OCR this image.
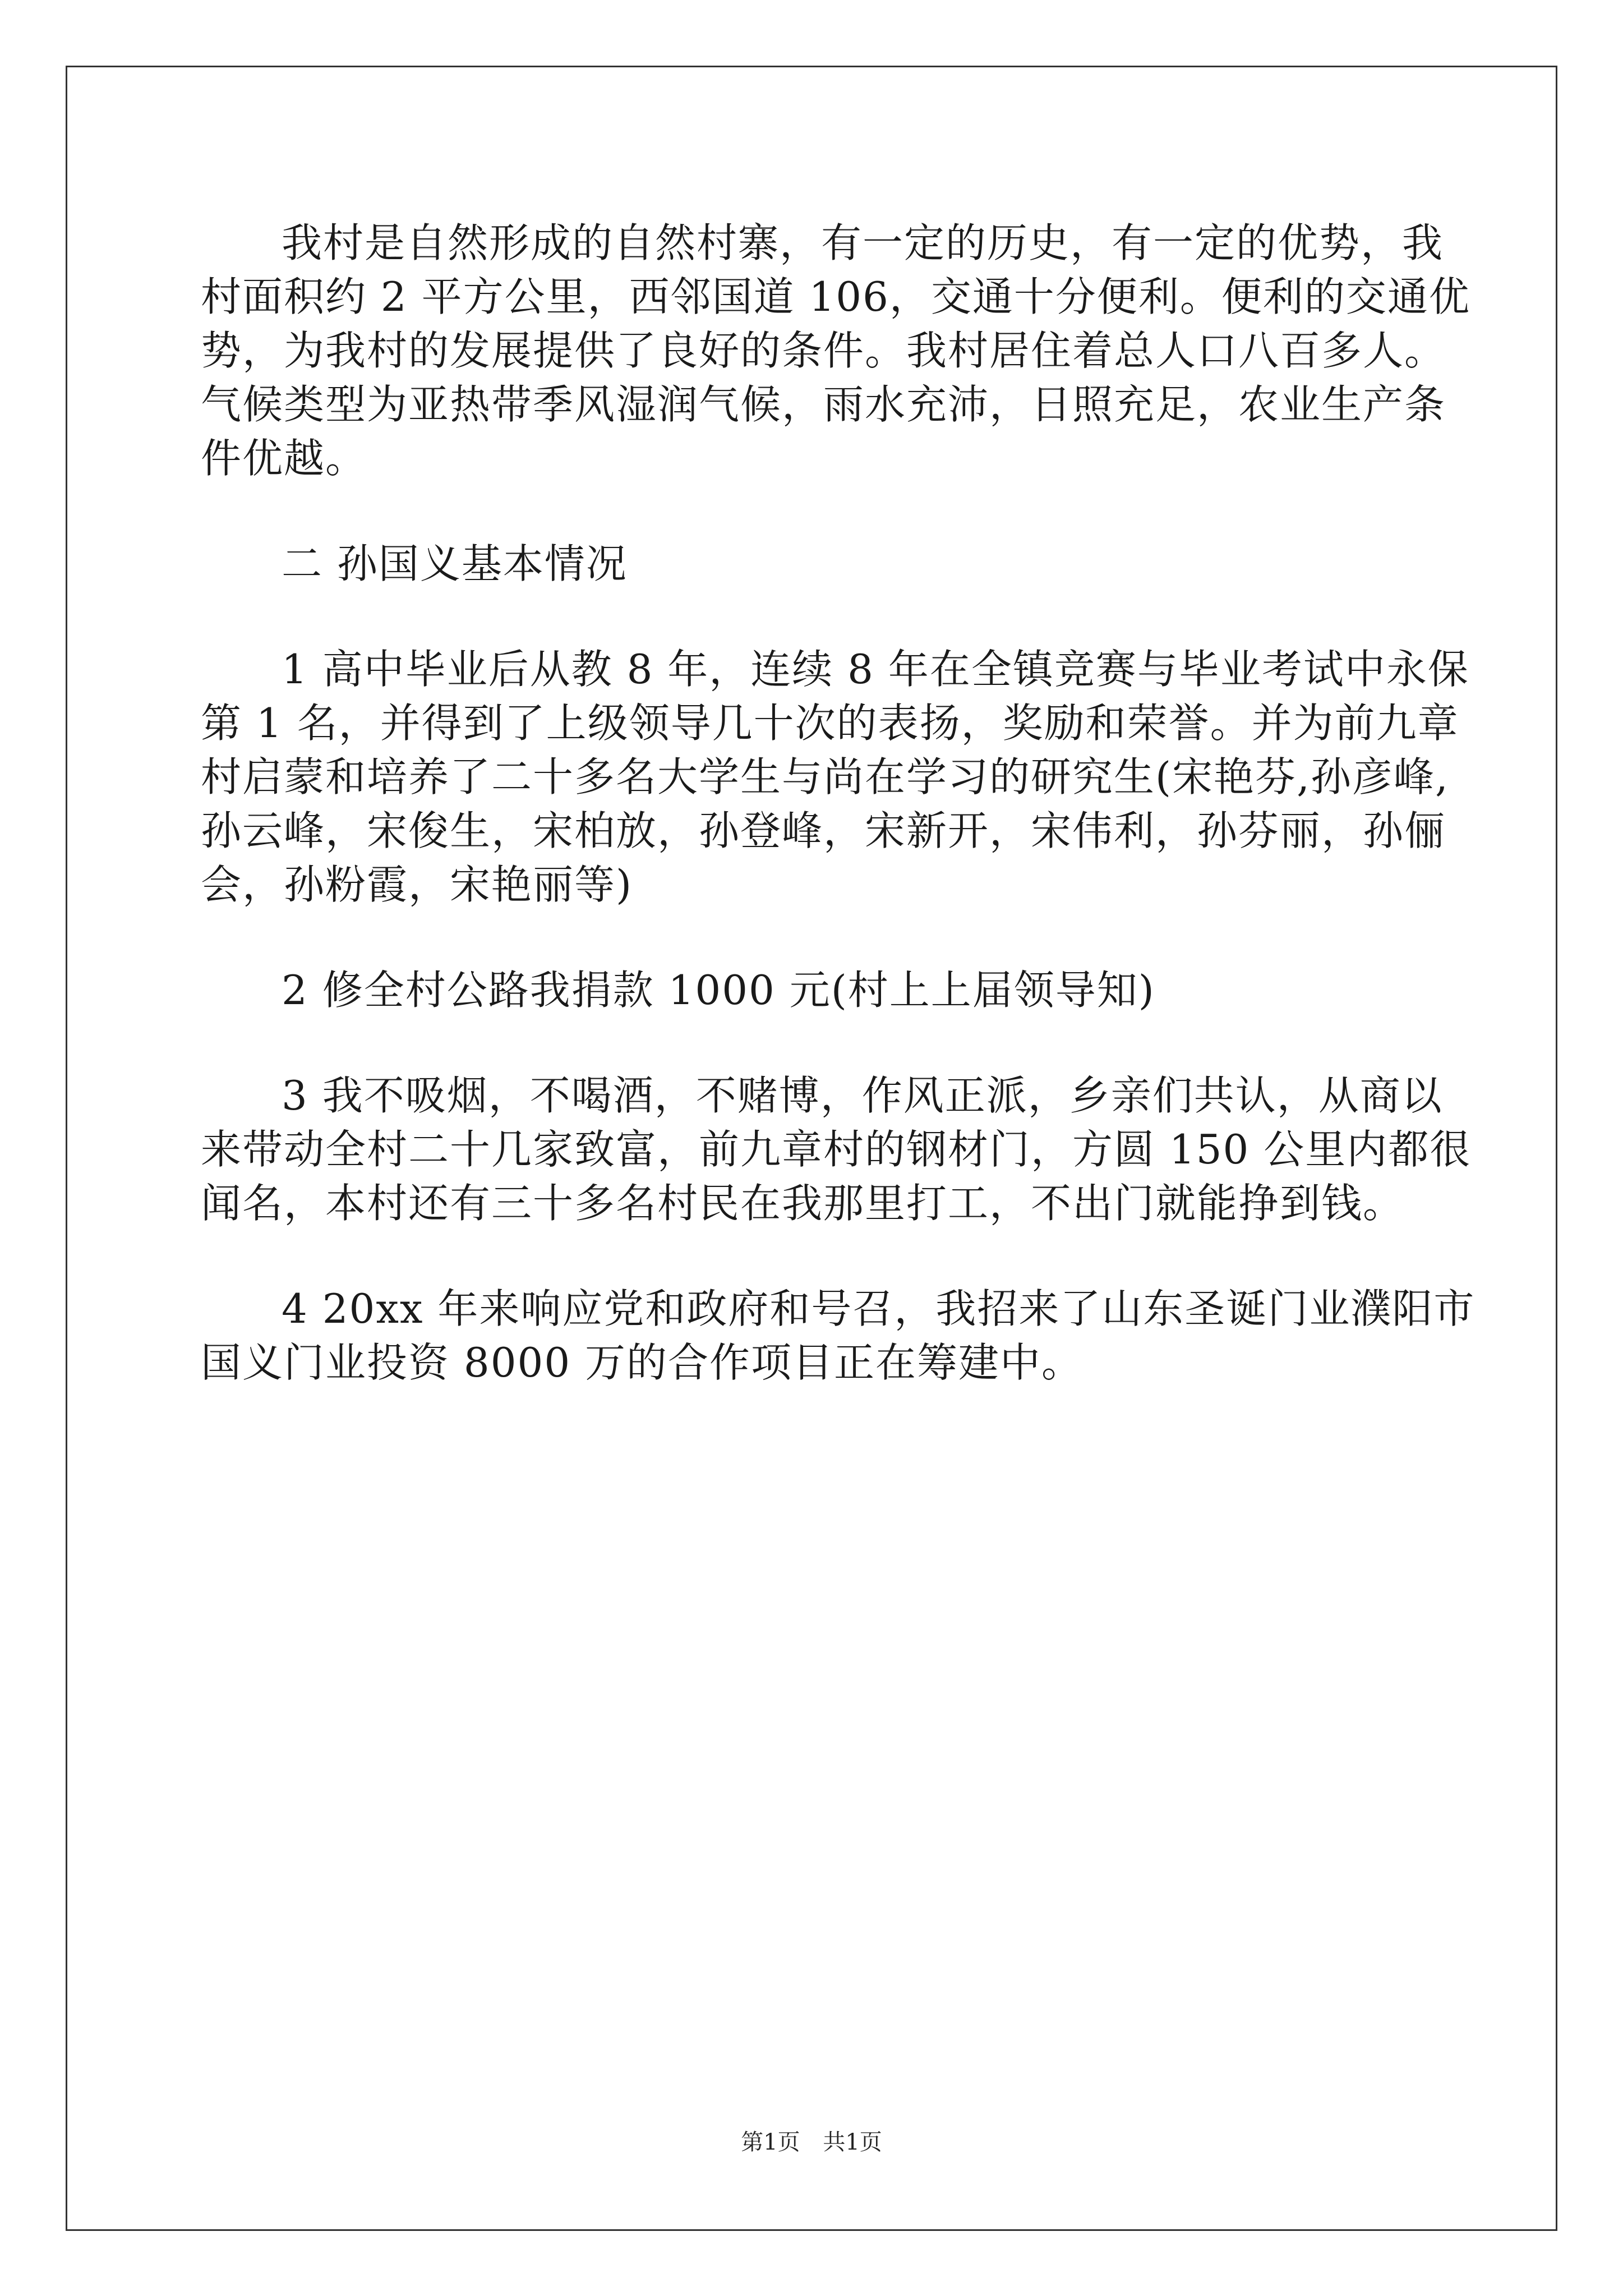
我村是自然形成的自然村寨，有一定的历史，有一定的优势，我

村面积约 2 平方公里，西邻国道 106，交通十分便利。便利的交通优

势，为我村的发展提供了良好的条件。我村居住着总人口八百多人。

气候类型为亚热带季风湿润气候，雨水充沛，日照充足，农业生产条

件优越。

二 孙国义基本情况

1 高中毕业后从教 8 年，连续 8 年在全镇竞赛与毕业考试中永保

第 1 名，并得到了上级领导几十次的表扬，奖励和荣誉。并为前九章

村启蒙和培养了二十多名大学生与尚在学习的研究生(宋艳芬,孙彦峰,

孙云峰，宋俊生，宋柏放，孙登峰，宋新开，宋伟利，孙芬丽，孙俪

会，孙粉霞，宋艳丽等)

2 修全村公路我捐款 1000 元(村上上届领导知)

3 我不吸烟，不喝酒，不赌博，作风正派，乡亲们共认，从商以

来带动全村二十几家致富，前九章村的钢材门，方圆 150 公里内都很

闻名，本村还有三十多名村民在我那里打工，不出门就能挣到钱。

4 20xx 年来响应党和政府和号召，我招来了山东圣诞门业濮阳市

国义门业投资 8000 万的合作项目正在筹建中。

第1页 共1页
